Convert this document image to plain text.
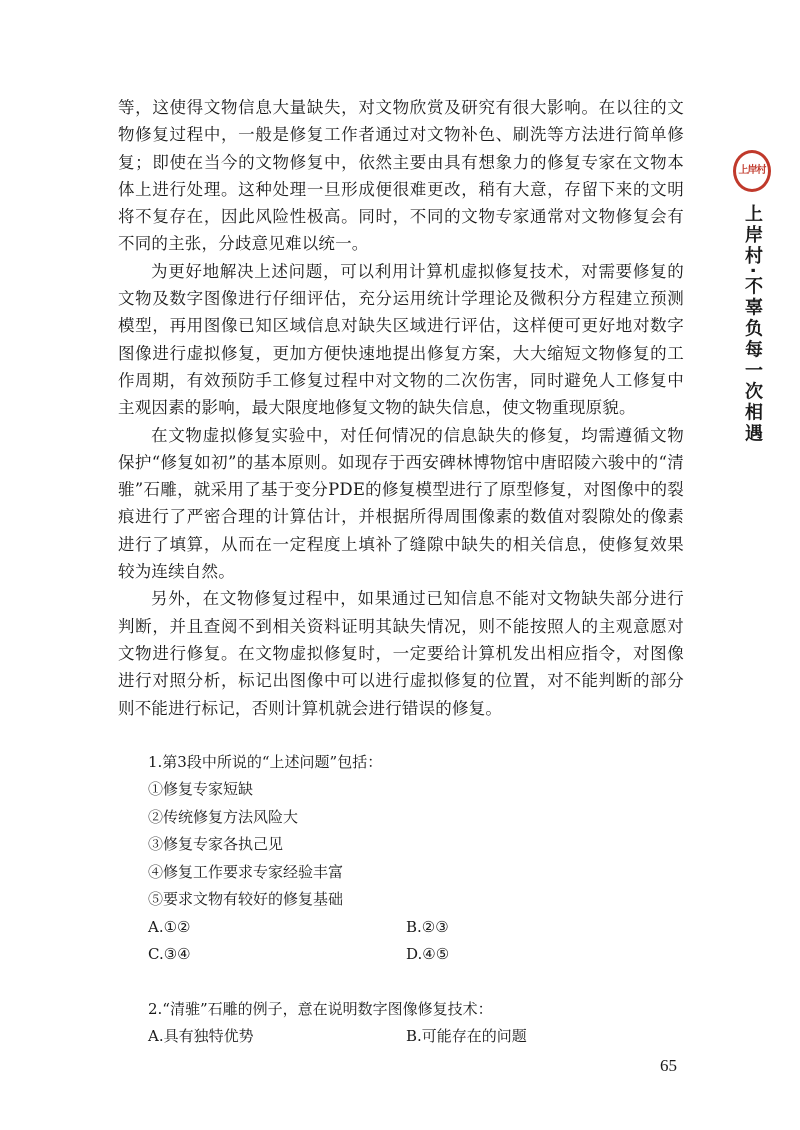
等，这使得文物信息大量缺失，对文物欣赏及研究有很大影响。在以往的文物修复过程中，一般是修复工作者通过对文物补色、刷洗等方法进行简单修复；即使在当今的文物修复中，依然主要由具有想象力的修复专家在文物本体上进行处理。这种处理一旦形成便很难更改，稍有大意，存留下来的文明将不复存在，因此风险性极高。同时，不同的文物专家通常对文物修复会有不同的主张，分歧意见难以统一。

为更好地解决上述问题，可以利用计算机虚拟修复技术，对需要修复的文物及数字图像进行仔细评估，充分运用统计学理论及微积分方程建立预测模型，再用图像已知区域信息对缺失区域进行评估，这样便可更好地对数字图像进行虚拟修复，更加方便快速地提出修复方案，大大缩短文物修复的工作周期，有效预防手工修复过程中对文物的二次伤害，同时避免人工修复中主观因素的影响，最大限度地修复文物的缺失信息，使文物重现原貌。

在文物虚拟修复实验中，对任何情况的信息缺失的修复，均需遵循文物保护“修复如初”的基本原则。如现存于西安碑林博物馆中唐昭陵六骏中的“清骓”石雕，就采用了基于变分PDE的修复模型进行了原型修复，对图像中的裂痕进行了严密合理的计算估计，并根据所得周围像素的数值对裂隙处的像素进行了填算，从而在一定程度上填补了缝隙中缺失的相关信息，使修复效果较为连续自然。

另外，在文物修复过程中，如果通过已知信息不能对文物缺失部分进行判断，并且查阅不到相关资料证明其缺失情况，则不能按照人的主观意愿对文物进行修复。在文物虚拟修复时，一定要给计算机发出相应指令，对图像进行对照分析，标记出图像中可以进行虚拟修复的位置，对不能判断的部分则不能进行标记，否则计算机就会进行错误的修复。

1.第3段中所说的“上述问题”包括：

①修复专家短缺

②传统修复方法风险大

③修复专家各执己见

④修复工作要求专家经验丰富

⑤要求文物有较好的修复基础

A.①②	B.②③
C.③④	D.④⑤

2.“清骓”石雕的例子，意在说明数字图像修复技术：

A.具有独特优势	B.可能存在的问题
上岸村
上岸村·不辜负每一次相遇
65
